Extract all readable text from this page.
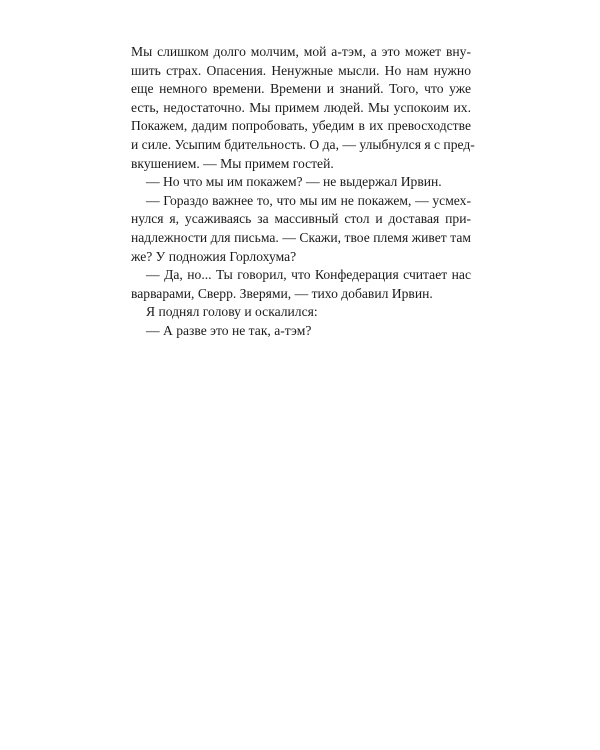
Мы слишком долго молчим, мой а-тэм, а это может вну-
шить страх. Опасения. Ненужные мысли. Но нам нужно
еще немного времени. Времени и знаний. Того, что уже
есть, недостаточно. Мы примем людей. Мы успокоим их.
Покажем, дадим попробовать, убедим в их превосходстве
и силе. Усыпим бдительность. О да, — улыбнулся я с пред-
вкушением. — Мы примем гостей.
— Но что мы им покажем? — не выдержал Ирвин.
— Гораздо важнее то, что мы им не покажем, — усмех-
нулся я, усаживаясь за массивный стол и доставая при-
надлежности для письма. — Скажи, твое племя живет там
же? У подножия Горлохума?
— Да, но... Ты говорил, что Конфедерация считает нас
варварами, Сверр. Зверями, — тихо добавил Ирвин.
Я поднял голову и оскалился:
— А разве это не так, а-тэм?
